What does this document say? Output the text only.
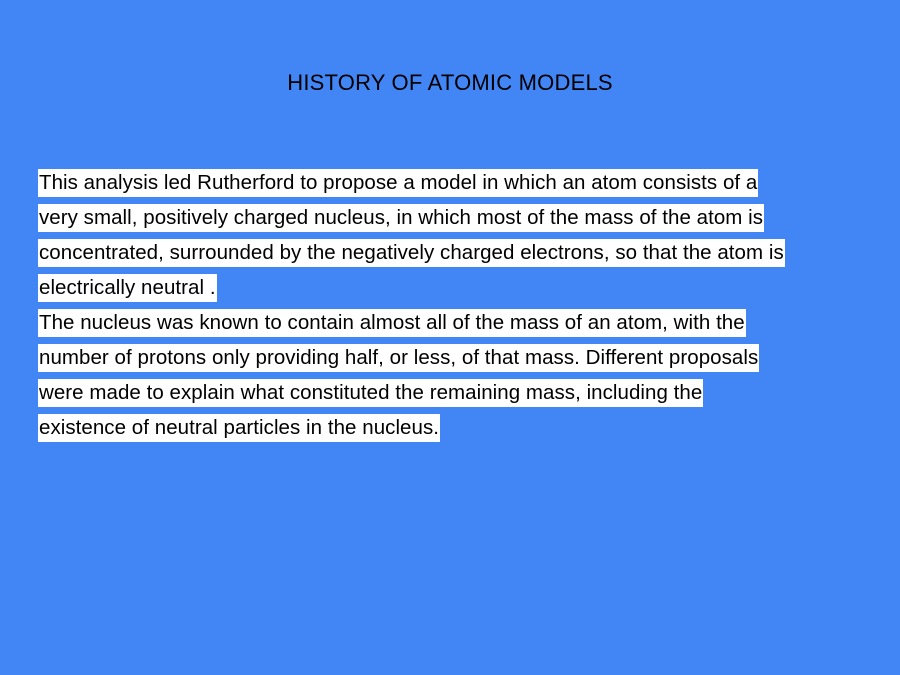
HISTORY OF ATOMIC MODELS
This analysis led Rutherford to propose a model in which an atom consists of a
very small, positively charged nucleus, in which most of the mass of the atom is
concentrated, surrounded by the negatively charged electrons, so that the atom is
electrically neutral .
The nucleus was known to contain almost all of the mass of an atom, with the
number of protons only providing half, or less, of that mass. Different proposals
were made to explain what constituted the remaining mass, including the
existence of neutral particles in the nucleus.
